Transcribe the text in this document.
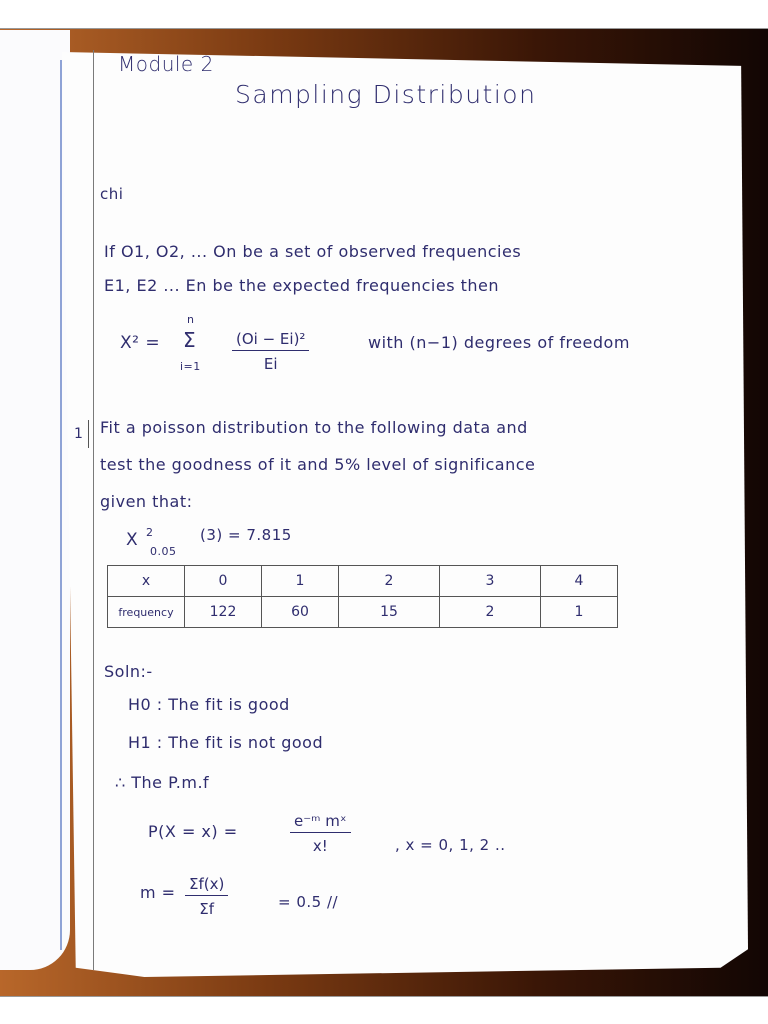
Module 2
Sampling Distribution
chi
If O1, O2, ... On be a set of observed frequencies
E1, E2 ... En be the expected frequencies then
X² =
n
Σ
$i=1 \frac{\text{(Oi − Ei)²}}{Ei}$	with (n−1) degrees of freedom
1 Fit a poisson distribution to the following data and
test the goodness of it and 5% level of significance
given that:
X 2
0.05
(3) = 7.815
x	0	1	2	3	4
frequency	122	60	15	2	1
Soln:-
H0 : The fit is good
H1 : The fit is not good
∴ The P.m.f
P(X = x) =	$\frac{\text{e⁻ᵐ mˣ}}{x!}$	, x = 0, 1, 2 ..
$m = \frac{\Sigma f(x)}{\Sigma f}$	= 0.5 //
